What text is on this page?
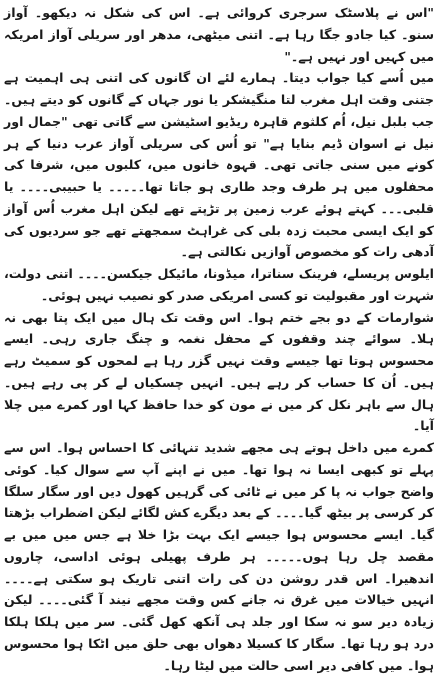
"اس نے پلاسٹک سرجری کروائی ہے۔ اس کی شکل نہ دیکھو۔ آواز سنو۔ کیا جادو جگا رہا ہے۔ اتنی میٹھی، مدھر اور سریلی آواز امریکہ میں کہیں اور نہیں ہے۔"

میں اُسے کیا جواب دیتا۔ ہمارے لئے ان گانوں کی اتنی ہی اہمیت ہے جتنی وقت اہل مغرب لتا منگیشکر یا نور جہاں کے گانوں کو دیتے ہیں۔ جب بلبل نیل، اُم کلثوم قاہرہ ریڈیو اسٹیشن سے گاتی تھی "جمال اور نیل نے اسوان ڈیم بنایا ہے" تو اُس کی سریلی آواز عرب دنیا کے ہر کونے میں سنی جاتی تھی۔ قہوہ خانوں میں، کلبوں میں، شرفا کی محفلوں میں ہر طرف وجد طاری ہو جاتا تھا۔۔۔۔۔ یا حبیبی۔۔۔۔ یا قلبی۔۔۔ کہتے ہوئے عرب زمین پر تڑپتے تھے لیکن اہل مغرب اُس آواز کو ایک ایسی محبت زدہ بلی کی غراہٹ سمجھتے تھے جو سردیوں کی آدھی رات کو مخصوص آوازیں نکالتی ہے۔

ایلوس پریسلے، فرینک سناترا، میڈونا، مائیکل جیکسن۔۔۔۔ اتنی دولت، شہرت اور مقبولیت تو کسی امریکی صدر کو نصیب نہیں ہوئی۔

شوارمات کے دو بجے ختم ہوا۔ اس وقت تک ہال میں ایک پتا بھی نہ ہلا۔ سوائے چند وقفوں کے محفل نغمہ و چنگ جاری رہی۔ ایسے محسوس ہوتا تھا جیسے وقت نہیں گزر رہا ہے لمحوں کو سمیٹ رہے ہیں۔ اُن کا حساب کر رہے ہیں۔ انہیں چسکیاں لے کر پی رہے ہیں۔ ہال سے باہر نکل کر میں نے مون کو خدا حافظ کہا اور کمرے میں چلا آیا۔

کمرے میں داخل ہوتے ہی مجھے شدید تنہائی کا احساس ہوا۔ اس سے پہلے تو کبھی ایسا نہ ہوا تھا۔ میں نے اپنے آپ سے سوال کیا۔ کوئی واضح جواب نہ پا کر میں نے ٹائی کی گرہیں کھول دیں اور سگار سلگا کر کرسی پر بیٹھ گیا۔۔۔۔ کے بعد دیگرے کش لگائے لیکن اضطراب بڑھتا گیا۔ ایسے محسوس ہوا جیسے ایک بہت بڑا خلا ہے جس میں میں بے مقصد چل رہا ہوں۔۔۔۔۔ ہر طرف پھیلی ہوئی اداسی، چاروں اندھیرا۔ اس قدر روشن دن کی رات اتنی تاریک ہو سکتی ہے۔۔۔۔ انہیں خیالات میں غرق نہ جانے کس وقت مجھے نیند آ گئی۔۔۔۔ لیکن زیادہ دیر سو نہ سکا اور جلد ہی آنکھ کھل گئی۔ سر میں ہلکا ہلکا درد ہو رہا تھا۔ سگار کا کسیلا دھواں بھی حلق میں اٹکا ہوا محسوس ہوا۔ میں کافی دیر اسی حالت میں لیٹا رہا۔
